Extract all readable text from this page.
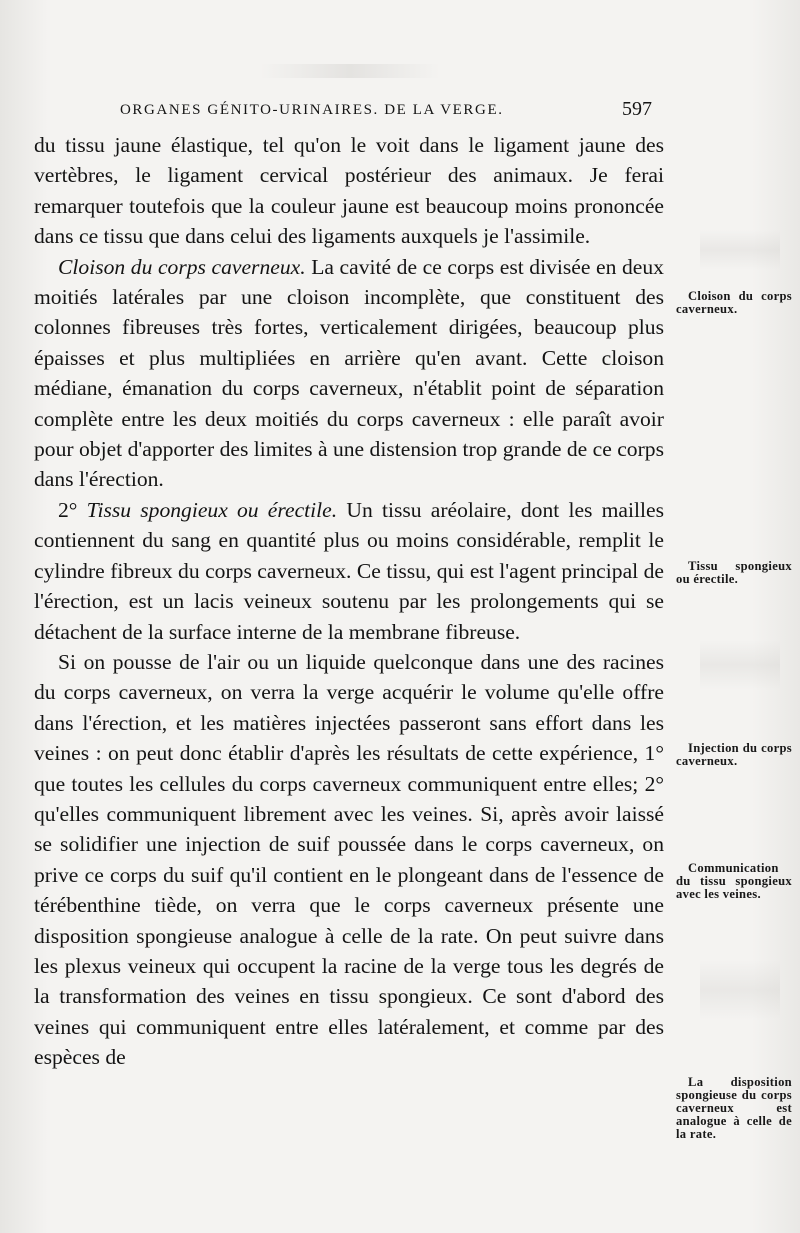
ORGANES GÉNITO-URINAIRES. DE LA VERGE.	597

du tissu jaune élastique, tel qu'on le voit dans le ligament jaune des vertèbres, le ligament cervical postérieur des animaux. Je ferai remarquer toutefois que la couleur jaune est beaucoup moins prononcée dans ce tissu que dans celui des ligaments auxquels je l'assimile.

Cloison du corps caverneux. La cavité de ce corps est divisée en deux moitiés latérales par une cloison incomplète, que constituent des colonnes fibreuses très fortes, verticalement dirigées, beaucoup plus épaisses et plus multipliées en arrière qu'en avant. Cette cloison médiane, émanation du corps caverneux, n'établit point de séparation complète entre les deux moitiés du corps caverneux : elle paraît avoir pour objet d'apporter des limites à une distension trop grande de ce corps dans l'érection.

2° Tissu spongieux ou érectile. Un tissu aréolaire, dont les mailles contiennent du sang en quantité plus ou moins considérable, remplit le cylindre fibreux du corps caverneux. Ce tissu, qui est l'agent principal de l'érection, est un lacis veineux soutenu par les prolongements qui se détachent de la surface interne de la membrane fibreuse.

Si on pousse de l'air ou un liquide quelconque dans une des racines du corps caverneux, on verra la verge acquérir le volume qu'elle offre dans l'érection, et les matières injectées passeront sans effort dans les veines : on peut donc établir d'après les résultats de cette expérience, 1° que toutes les cellules du corps caverneux communiquent entre elles; 2° qu'elles communiquent librement avec les veines. Si, après avoir laissé se solidifier une injection de suif poussée dans le corps caverneux, on prive ce corps du suif qu'il contient en le plongeant dans de l'essence de térébenthine tiède, on verra que le corps caverneux présente une disposition spongieuse analogue à celle de la rate. On peut suivre dans les plexus veineux qui occupent la racine de la verge tous les degrés de la transformation des veines en tissu spongieux. Ce sont d'abord des veines qui communiquent entre elles latéralement, et comme par des espèces de

Cloison du corps caverneux.
Tissu spongieux ou érectile.
Injection du corps caverneux.
Communication du tissu spongieux avec les veines.
La disposition spongieuse du corps caverneux est analogue à celle de la rate.
